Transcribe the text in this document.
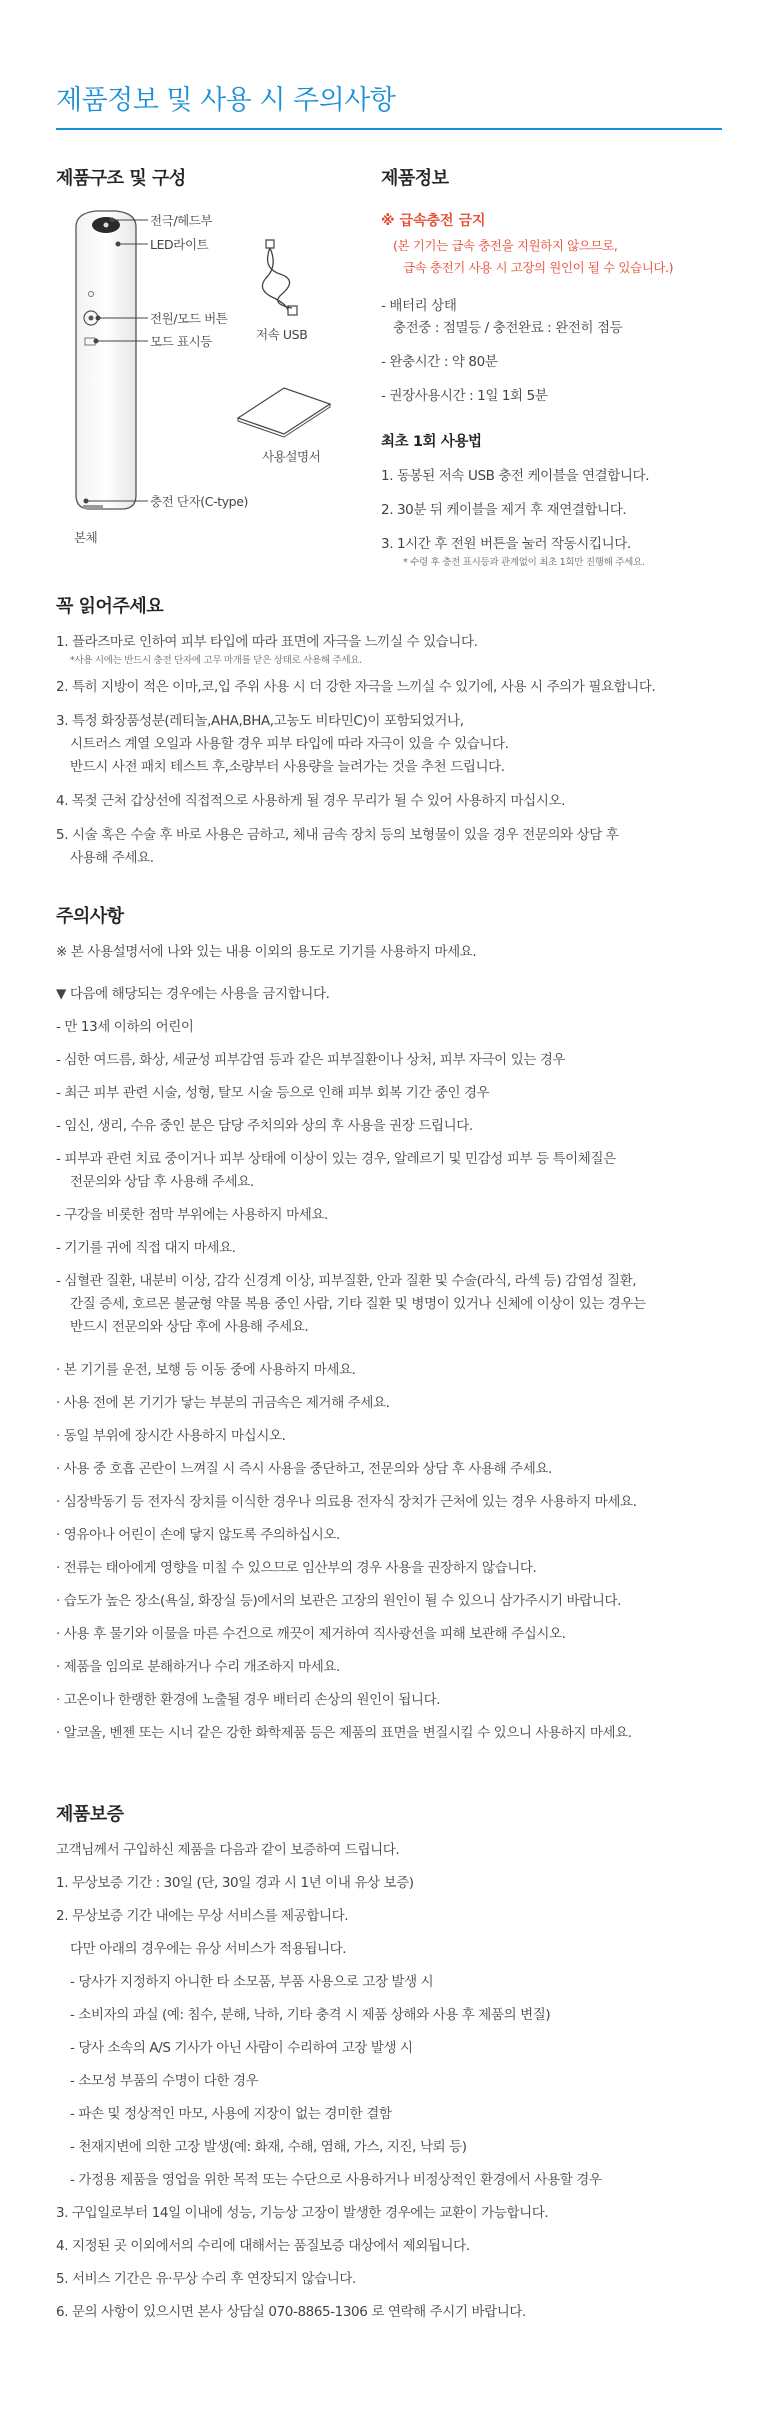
제품정보 및 사용 시 주의사항
제품구조 및 구성
전극/헤드부
LED라이트
전원/모드 버튼
모드 표시등
충전 단자(C-type)
본체
저속 USB
사용설명서
제품정보
※ 급속충전 금지
(본 기기는 급속 충전을 지원하지 않으므로,
급속 충전기 사용 시 고장의 원인이 될 수 있습니다.)
- 배터리 상태
충전중 : 점멸등 / 충전완료 : 완전히 점등
- 완충시간 : 약 80분
- 권장사용시간 : 1일 1회 5분
최초 1회 사용법
1. 동봉된 저속 USB 충전 케이블을 연결합니다.
2. 30분 뒤 케이블을 제거 후 재연결합니다.
3. 1시간 후 전원 버튼을 눌러 작동시킵니다.
* 수령 후 충전 표시등과 관계없이 최초 1회만 진행해 주세요.
꼭 읽어주세요
1. 플라즈마로 인하여 피부 타입에 따라 표면에 자극을 느끼실 수 있습니다.
*사용 시에는 반드시 충전 단자에 고무 마개를 닫은 상태로 사용해 주세요.
2. 특히 지방이 적은 이마,코,입 주위 사용 시 더 강한 자극을 느끼실 수 있기에, 사용 시 주의가 필요합니다.
3. 특정 화장품성분(레티놀,AHA,BHA,고농도 비타민C)이 포함되었거나,
시트러스 계열 오일과 사용할 경우 피부 타입에 따라 자극이 있을 수 있습니다.
반드시 사전 패치 테스트 후,소량부터 사용량을 늘려가는 것을 추천 드립니다.
4. 목젖 근처 갑상선에 직접적으로 사용하게 될 경우 무리가 될 수 있어 사용하지 마십시오.
5. 시술 혹은 수술 후 바로 사용은 금하고, 체내 금속 장치 등의 보형물이 있을 경우 전문의와 상담 후
사용해 주세요.
주의사항
※ 본 사용설명서에 나와 있는 내용 이외의 용도로 기기를 사용하지 마세요.
▼ 다음에 해당되는 경우에는 사용을 금지합니다.
- 만 13세 이하의 어린이
- 심한 여드름, 화상, 세균성 피부감염 등과 같은 피부질환이나 상처, 피부 자극이 있는 경우
- 최근 피부 관련 시술, 성형, 탈모 시술 등으로 인해 피부 회복 기간 중인 경우
- 임신, 생리, 수유 중인 분은 담당 주치의와 상의 후 사용을 권장 드립니다.
- 피부과 관련 치료 중이거나 피부 상태에 이상이 있는 경우, 알레르기 및 민감성 피부 등 특이체질은
전문의와 상담 후 사용해 주세요.
- 구강을 비롯한 점막 부위에는 사용하지 마세요.
- 기기를 귀에 직접 대지 마세요.
- 심혈관 질환, 내분비 이상, 감각 신경계 이상, 피부질환, 안과 질환 및 수술(라식, 라섹 등) 감염성 질환,
간질 증세, 호르몬 불균형 약물 복용 중인 사람, 기타 질환 및 병명이 있거나 신체에 이상이 있는 경우는
반드시 전문의와 상담 후에 사용해 주세요.
· 본 기기를 운전, 보행 등 이동 중에 사용하지 마세요.
· 사용 전에 본 기기가 닿는 부분의 귀금속은 제거해 주세요.
· 동일 부위에 장시간 사용하지 마십시오.
· 사용 중 호흡 곤란이 느껴질 시 즉시 사용을 중단하고, 전문의와 상담 후 사용해 주세요.
· 심장박동기 등 전자식 장치를 이식한 경우나 의료용 전자식 장치가 근처에 있는 경우 사용하지 마세요.
· 영유아나 어린이 손에 닿지 않도록 주의하십시오.
· 전류는 태아에게 영향을 미칠 수 있으므로 임산부의 경우 사용을 권장하지 않습니다.
· 습도가 높은 장소(욕실, 화장실 등)에서의 보관은 고장의 원인이 될 수 있으니 삼가주시기 바랍니다.
· 사용 후 물기와 이물을 마른 수건으로 깨끗이 제거하여 직사광선을 피해 보관해 주십시오.
· 제품을 임의로 분해하거나 수리 개조하지 마세요.
· 고온이나 한랭한 환경에 노출될 경우 배터리 손상의 원인이 됩니다.
· 알코올, 벤젠 또는 시너 같은 강한 화학제품 등은 제품의 표면을 변질시킬 수 있으니 사용하지 마세요.
제품보증
고객님께서 구입하신 제품을 다음과 같이 보증하여 드립니다.
1. 무상보증 기간 : 30일 (단, 30일 경과 시 1년 이내 유상 보증)
2. 무상보증 기간 내에는 무상 서비스를 제공합니다.
다만 아래의 경우에는 유상 서비스가 적용됩니다.
- 당사가 지정하지 아니한 타 소모품, 부품 사용으로 고장 발생 시
- 소비자의 과실 (예: 침수, 분해, 낙하, 기타 충격 시 제품 상해와 사용 후 제품의 변질)
- 당사 소속의 A/S 기사가 아닌 사람이 수리하여 고장 발생 시
- 소모성 부품의 수명이 다한 경우
- 파손 및 정상적인 마모, 사용에 지장이 없는 경미한 결함
- 천재지변에 의한 고장 발생(예: 화재, 수해, 염해, 가스, 지진, 낙뢰 등)
- 가정용 제품을 영업을 위한 목적 또는 수단으로 사용하거나 비정상적인 환경에서 사용할 경우
3. 구입일로부터 14일 이내에 성능, 기능상 고장이 발생한 경우에는 교환이 가능합니다.
4. 지정된 곳 이외에서의 수리에 대해서는 품질보증 대상에서 제외됩니다.
5. 서비스 기간은 유·무상 수리 후 연장되지 않습니다.
6. 문의 사항이 있으시면 본사 상담실 070-8865-1306 로 연락해 주시기 바랍니다.
